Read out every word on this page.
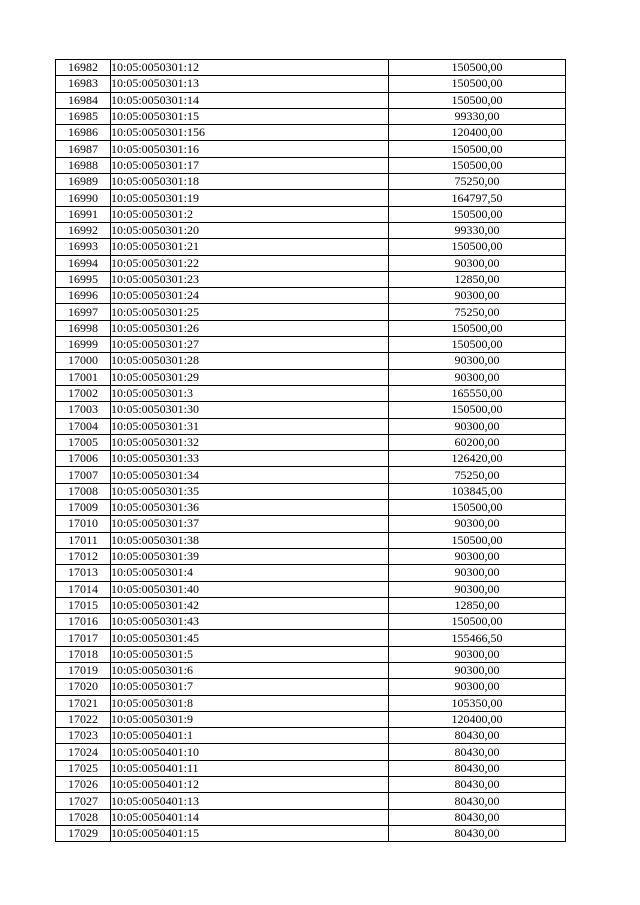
16982	10:05:0050301:12	150500,00
16983	10:05:0050301:13	150500,00
16984	10:05:0050301:14	150500,00
16985	10:05:0050301:15	99330,00
16986	10:05:0050301:156	120400,00
16987	10:05:0050301:16	150500,00
16988	10:05:0050301:17	150500,00
16989	10:05:0050301:18	75250,00
16990	10:05:0050301:19	164797,50
16991	10:05:0050301:2	150500,00
16992	10:05:0050301:20	99330,00
16993	10:05:0050301:21	150500,00
16994	10:05:0050301:22	90300,00
16995	10:05:0050301:23	12850,00
16996	10:05:0050301:24	90300,00
16997	10:05:0050301:25	75250,00
16998	10:05:0050301:26	150500,00
16999	10:05:0050301:27	150500,00
17000	10:05:0050301:28	90300,00
17001	10:05:0050301:29	90300,00
17002	10:05:0050301:3	165550,00
17003	10:05:0050301:30	150500,00
17004	10:05:0050301:31	90300,00
17005	10:05:0050301:32	60200,00
17006	10:05:0050301:33	126420,00
17007	10:05:0050301:34	75250,00
17008	10:05:0050301:35	103845,00
17009	10:05:0050301:36	150500,00
17010	10:05:0050301:37	90300,00
17011	10:05:0050301:38	150500,00
17012	10:05:0050301:39	90300,00
17013	10:05:0050301:4	90300,00
17014	10:05:0050301:40	90300,00
17015	10:05:0050301:42	12850,00
17016	10:05:0050301:43	150500,00
17017	10:05:0050301:45	155466,50
17018	10:05:0050301:5	90300,00
17019	10:05:0050301:6	90300,00
17020	10:05:0050301:7	90300,00
17021	10:05:0050301:8	105350,00
17022	10:05:0050301:9	120400,00
17023	10:05:0050401:1	80430,00
17024	10:05:0050401:10	80430,00
17025	10:05:0050401:11	80430,00
17026	10:05:0050401:12	80430,00
17027	10:05:0050401:13	80430,00
17028	10:05:0050401:14	80430,00
17029	10:05:0050401:15	80430,00
